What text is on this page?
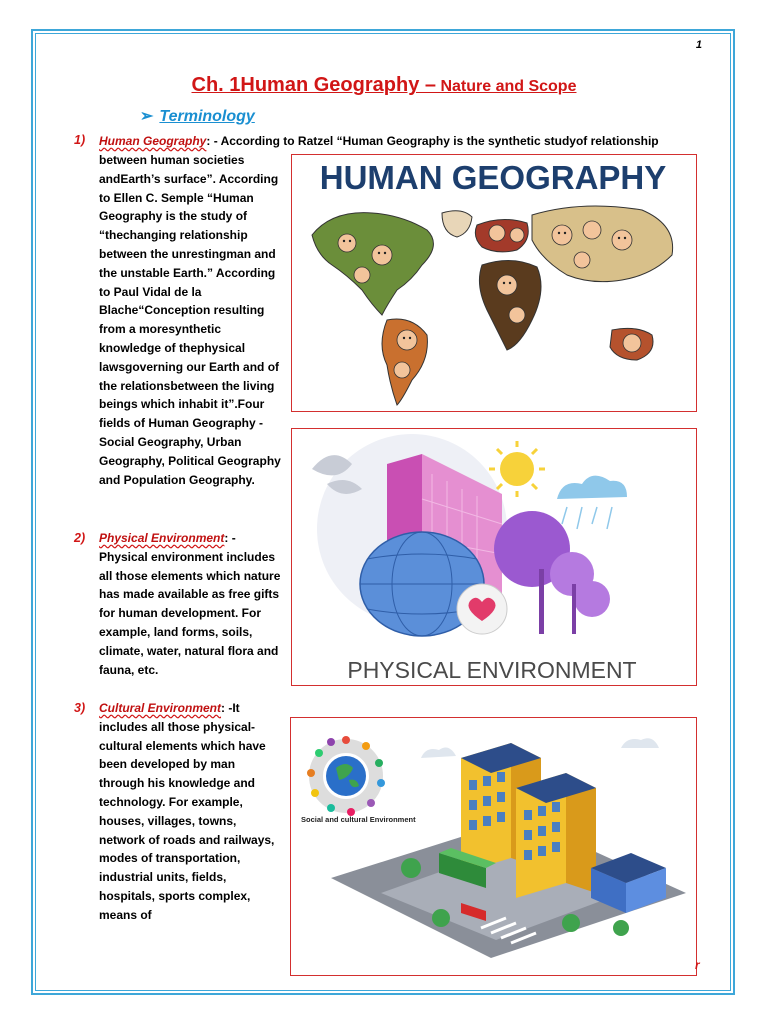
1
Ch. 1Human Geography – Nature and Scope
➢ Terminology
1) Human Geography: - According to Ratzel “Human Geography is the synthetic studyof relationship
between human societies andEarth’s surface”. According to Ellen C. Semple “Human Geography is the study of “thechanging relationship between the unrestingman and the unstable Earth.” According to Paul Vidal de la Blache“Conception resulting from a moresynthetic knowledge of thephysical lawsgoverning our Earth and of the relationsbetween the living beings which inhabit it”.Four fields of Human Geography - Social Geography, Urban Geography, Political Geography and Population Geography.
2) Physical Environment: -
Physical environment includes all those elements which nature has made available as free gifts for human development. For example, land forms, soils, climate, water, natural flora and fauna, etc.
3) Cultural Environment: -It includes all those physical-cultural elements which have been developed by man through his knowledge and technology. For example, houses, villages, towns, network of roads and railways, modes of transportation, industrial units, fields, hospitals, sports complex, means of
HUMAN GEOGRAPHY
PHYSICAL ENVIRONMENT
Social and cultural Environment
r
